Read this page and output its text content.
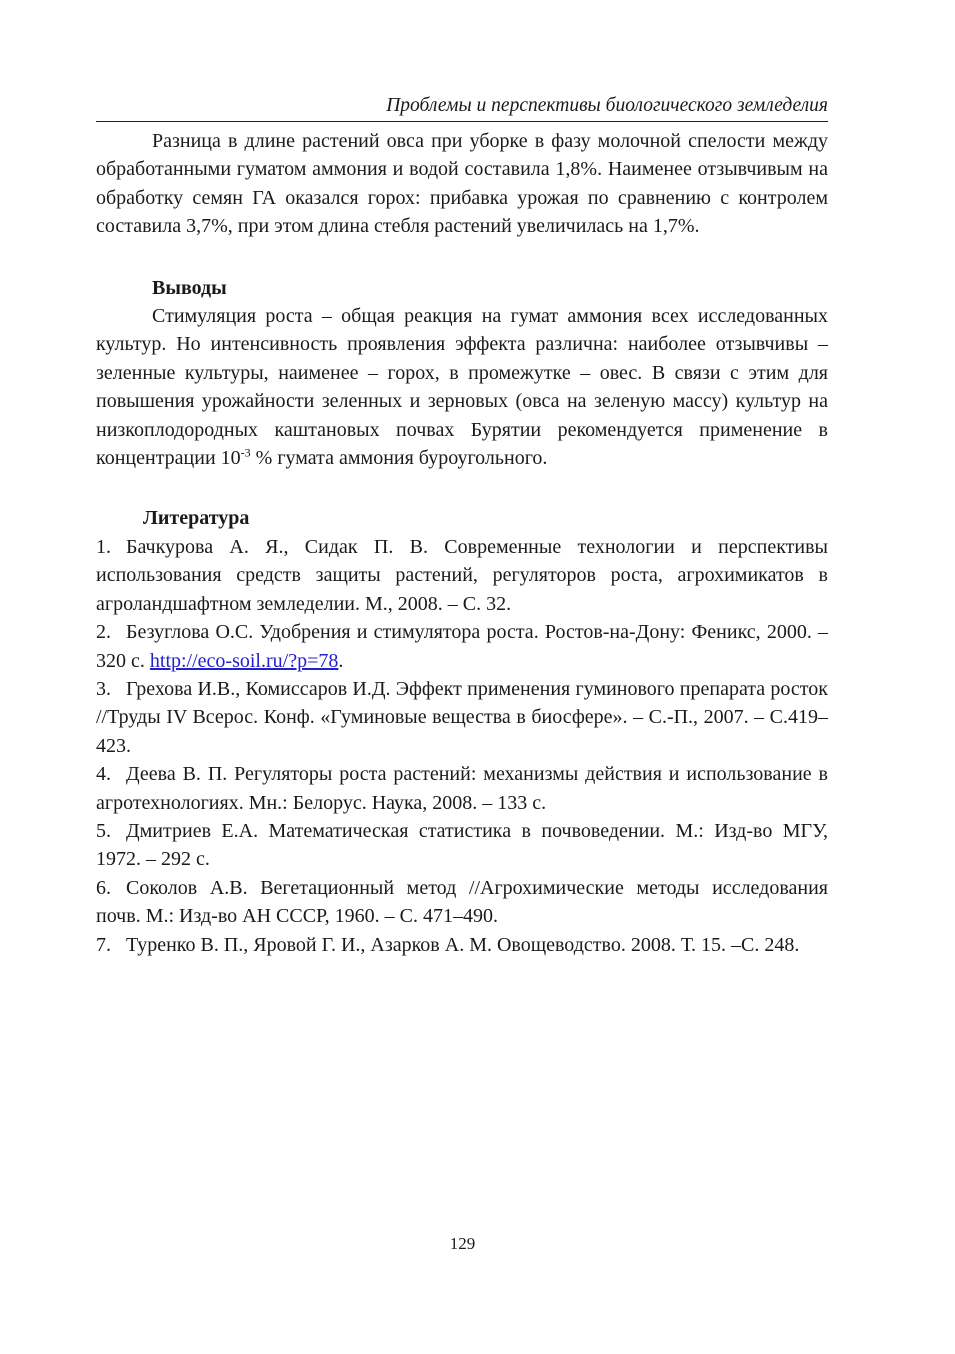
Проблемы и перспективы биологического земледелия

Разница в длине растений овса при уборке в фазу молочной спелости между обработанными гуматом аммония и водой составила 1,8%. Наименее отзывчивым на обработку семян ГА оказался горох: прибавка урожая по сравнению с контролем составила 3,7%, при этом длина стебля растений увеличилась на 1,7%.

Выводы

Стимуляция роста – общая реакция на гумат аммония всех исследованных культур. Но интенсивность проявления эффекта различна: наиболее отзывчивы – зеленные культуры, наименее – горох, в промежутке – овес. В связи с этим для повышения урожайности зеленных и зерновых (овса на зеленую массу) культур на низкоплодородных каштановых почвах Бурятии рекомендуется применение в концентрации $10^{-3}$ % гумата аммония буроугольного.

Литература
1. Бачкурова А. Я., Сидак П. В. Современные технологии и перспективы использования средств защиты растений, регуляторов роста, агрохимикатов в агроландшафтном земледелии. М., 2008. – С. 32.
2. Безуглова О.С. Удобрения и стимулятора роста. Ростов-на-Дону: Феникс, 2000. – 320 с. http://eco-soil.ru/?p=78.
3. Грехова И.В., Комиссаров И.Д. Эффект применения гуминового препарата росток //Труды IV Всерос. Конф. «Гуминовые вещества в биосфере». – С.-П., 2007. – С.419–423.
4. Деева В. П. Регуляторы роста растений: механизмы действия и использование в агротехнологиях. Мн.: Белорус. Наука, 2008. – 133 с.
5. Дмитриев Е.А. Математическая статистика в почвоведении. М.: Изд-во МГУ, 1972. – 292 с.
6. Соколов А.В. Вегетационный метод //Агрохимические методы исследования почв. М.: Изд-во АН СССР, 1960. – С. 471–490.
7. Туренко В. П., Яровой Г. И., Азарков А. М. Овощеводство. 2008. Т. 15. –С. 248.
129
